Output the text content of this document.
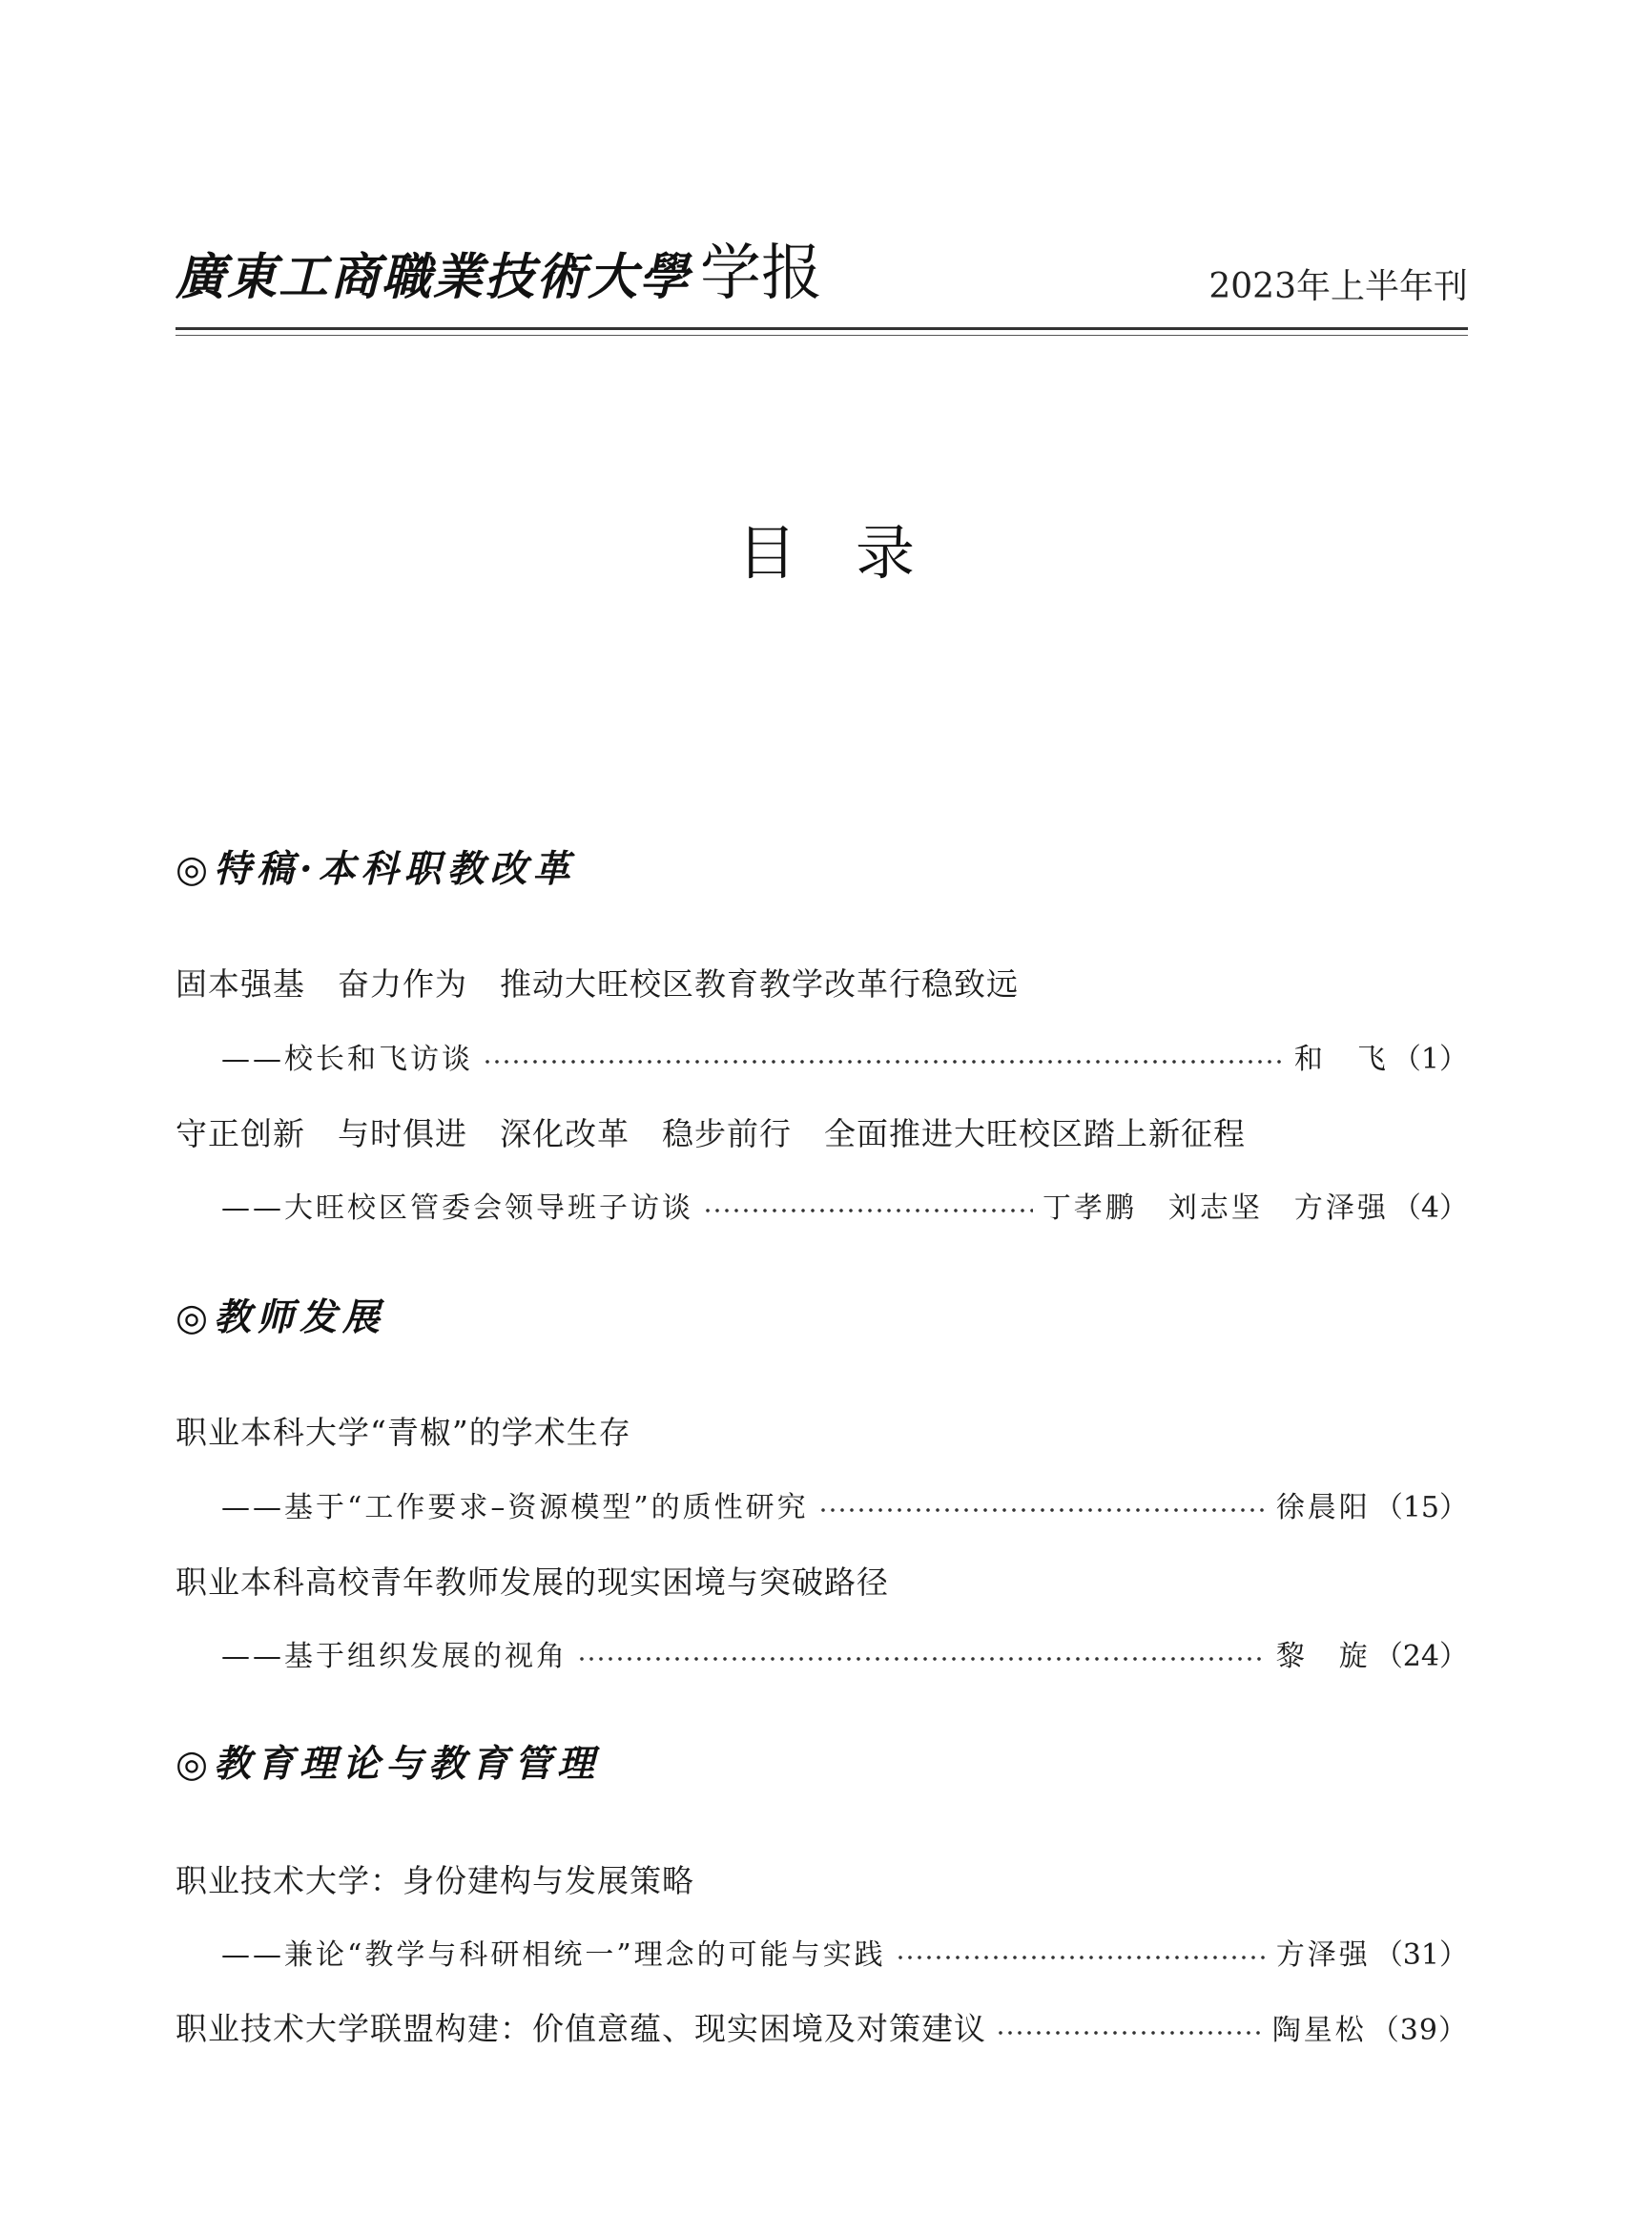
廣東工商職業技術大學 学报	2023年上半年刊
目　录
◎特稿·本科职教改革
固本强基　奋力作为　推动大旺校区教育教学改革行稳致远
——校长和飞访谈	和　飞 （1）
守正创新　与时俱进　深化改革　稳步前行　全面推进大旺校区踏上新征程
——大旺校区管委会领导班子访谈	丁孝鹏　刘志坚　方泽强 （4）
◎教师发展
职业本科大学“青椒”的学术生存
——基于“工作要求–资源模型”的质性研究	徐晨阳 （15）
职业本科高校青年教师发展的现实困境与突破路径
——基于组织发展的视角	黎　旋 （24）
◎教育理论与教育管理
职业技术大学：身份建构与发展策略
——兼论“教学与科研相统一”理念的可能与实践	方泽强 （31）
职业技术大学联盟构建：价值意蕴、现实困境及对策建议	陶星松 （39）
